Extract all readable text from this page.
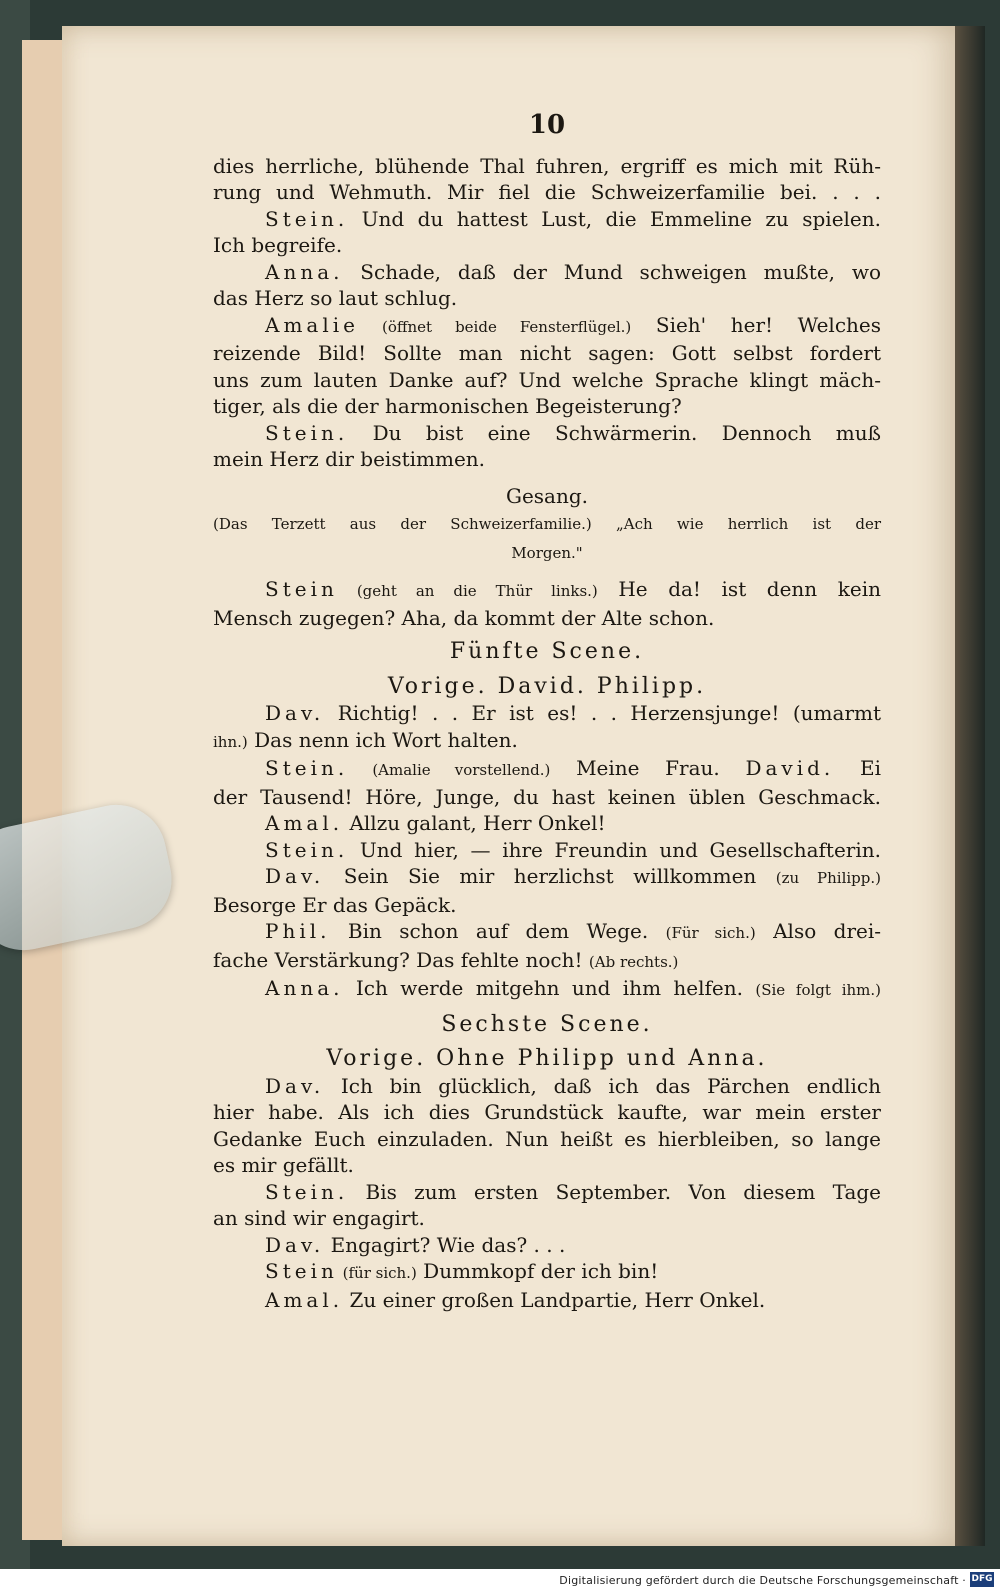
10
dies herrliche, blühende Thal fuhren, ergriff es mich mit Rüh-
rung und Wehmuth. Mir fiel die Schweizerfamilie bei. . . .
Stein. Und du hattest Lust, die Emmeline zu spielen.
Ich begreife.
Anna. Schade, daß der Mund schweigen mußte, wo
das Herz so laut schlug.
Amalie (öffnet beide Fensterflügel.) Sieh' her! Welches
reizende Bild! Sollte man nicht sagen: Gott selbst fordert
uns zum lauten Danke auf? Und welche Sprache klingt mäch-
tiger, als die der harmonischen Begeisterung?
Stein. Du bist eine Schwärmerin. Dennoch muß
mein Herz dir beistimmen.
Gesang.
(Das Terzett aus der Schweizerfamilie.) „Ach wie herrlich ist der
Morgen."
Stein (geht an die Thür links.) He da! ist denn kein
Mensch zugegen? Aha, da kommt der Alte schon.
Fünfte Scene.
Vorige. David. Philipp.
Dav. Richtig! . . Er ist es! . . Herzensjunge! (umarmt
ihn.) Das nenn ich Wort halten.
Stein. (Amalie vorstellend.) Meine Frau. David. Ei
der Tausend! Höre, Junge, du hast keinen üblen Geschmack.
Amal. Allzu galant, Herr Onkel!
Stein. Und hier, — ihre Freundin und Gesellschafterin.
Dav. Sein Sie mir herzlichst willkommen (zu Philipp.)
Besorge Er das Gepäck.
Phil. Bin schon auf dem Wege. (Für sich.) Also drei-
fache Verstärkung? Das fehlte noch! (Ab rechts.)
Anna. Ich werde mitgehn und ihm helfen. (Sie folgt ihm.)
Sechste Scene.
Vorige. Ohne Philipp und Anna.
Dav. Ich bin glücklich, daß ich das Pärchen endlich
hier habe. Als ich dies Grundstück kaufte, war mein erster
Gedanke Euch einzuladen. Nun heißt es hierbleiben, so lange
es mir gefällt.
Stein. Bis zum ersten September. Von diesem Tage
an sind wir engagirt.
Dav. Engagirt? Wie das? . . .
Stein (für sich.) Dummkopf der ich bin!
Amal. Zu einer großen Landpartie, Herr Onkel.
Digitalisierung gefördert durch die Deutsche Forschungsgemeinschaft · DFG
